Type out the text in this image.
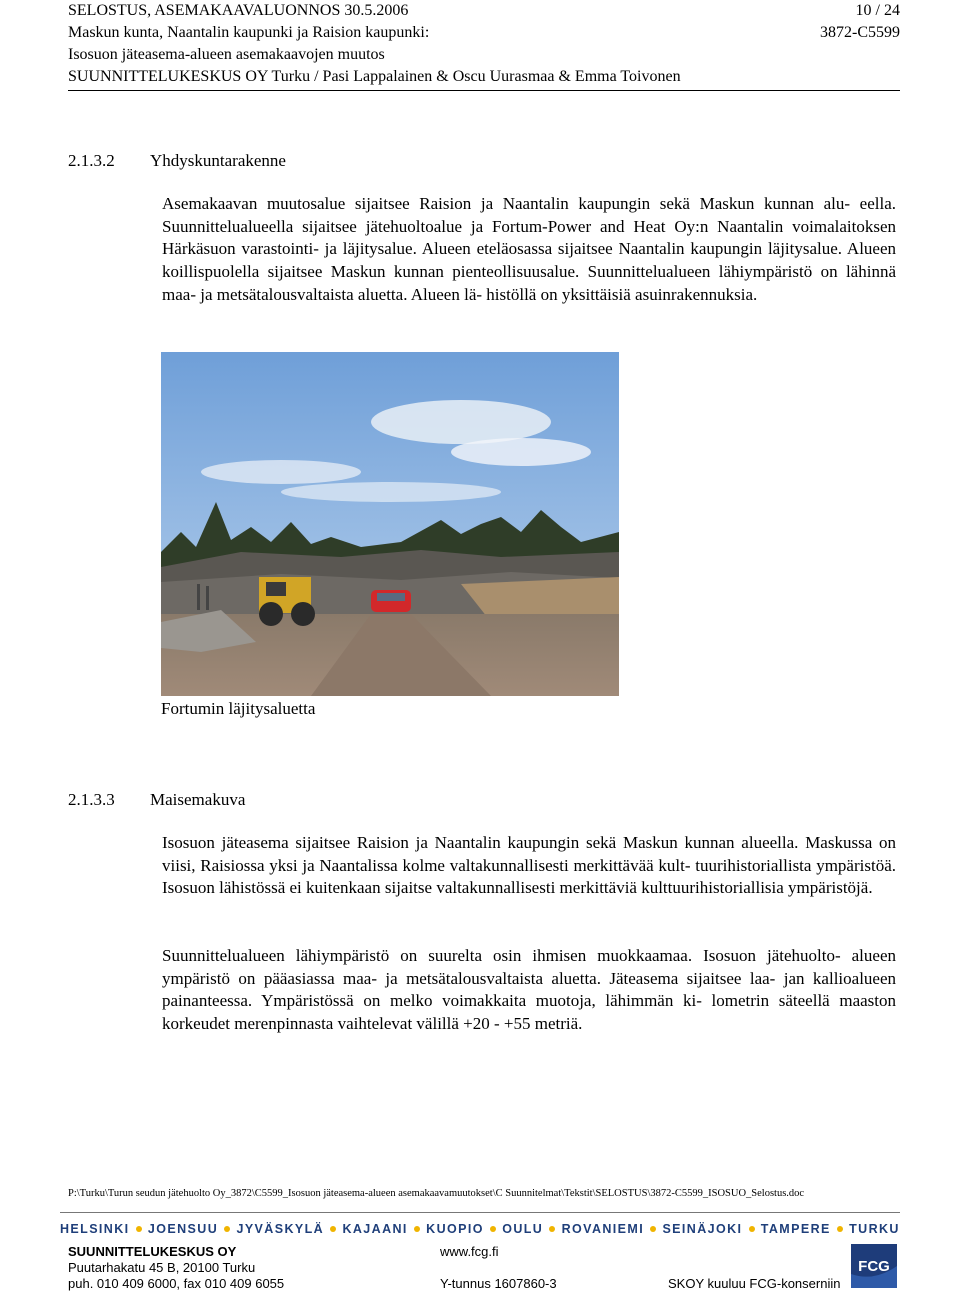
SELOSTUS, ASEMAKAAVALUONNOS 30.5.2006	10 / 24
Maskun kunta, Naantalin kaupunki ja Raision kaupunki:	3872-C5599
Isosuon jäteasema-alueen asemakaavojen muutos
SUUNNITTELUKESKUS OY Turku / Pasi Lappalainen & Oscu Uurasmaa & Emma Toivonen
2.1.3.2 Yhdyskuntarakenne
Asemakaavan muutosalue sijaitsee Raision ja Naantalin kaupungin sekä Maskun kunnan alu- eella. Suunnittelualueella sijaitsee jätehuoltoalue ja Fortum-Power and Heat Oy:n Naantalin voimalaitoksen Härkäsuon varastointi- ja läjitysalue. Alueen eteläosassa sijaitsee Naantalin kaupungin läjitysalue. Alueen koillispuolella sijaitsee Maskun kunnan pienteollisuusalue. Suunnittelualueen lähiympäristö on lähinnä maa- ja metsätalousvaltaista aluetta. Alueen lä- histöllä on yksittäisiä asuinrakennuksia.
Fortumin läjitysaluetta
2.1.3.3 Maisemakuva
Isosuon jäteasema sijaitsee Raision ja Naantalin kaupungin sekä Maskun kunnan alueella. Maskussa on viisi, Raisiossa yksi ja Naantalissa kolme valtakunnallisesti merkittävää kult- tuurihistoriallista ympäristöä. Isosuon lähistössä ei kuitenkaan sijaitse valtakunnallisesti merkittäviä kulttuurihistoriallisia ympäristöjä.
Suunnittelualueen lähiympäristö on suurelta osin ihmisen muokkaamaa. Isosuon jätehuolto- alueen ympäristö on pääasiassa maa- ja metsätalousvaltaista aluetta. Jäteasema sijaitsee laa- jan kallioalueen painanteessa. Ympäristössä on melko voimakkaita muotoja, lähimmän ki- lometrin säteellä maaston korkeudet merenpinnasta vaihtelevat välillä +20 - +55 metriä.
P:\Turku\Turun seudun jätehuolto Oy_3872\C5599_Isosuon jäteasema-alueen asemakaavamuutokset\C Suunnitelmat\Tekstit\SELOSTUS\3872-C5599_ISOSUO_Selostus.doc
HELSINKI JOENSUU JYVÄSKYLÄ KAJAANI KUOPIO OULU ROVANIEMI SEINÄJOKI TAMPERE TURKU
SUUNNITTELUKESKUS OY
Puutarhakatu 45 B, 20100 Turku
puh. 010 409 6000, fax 010 409 6055
www.fcg.fi
Y-tunnus 1607860-3	SKOY kuuluu FCG-konserniin
FCG
